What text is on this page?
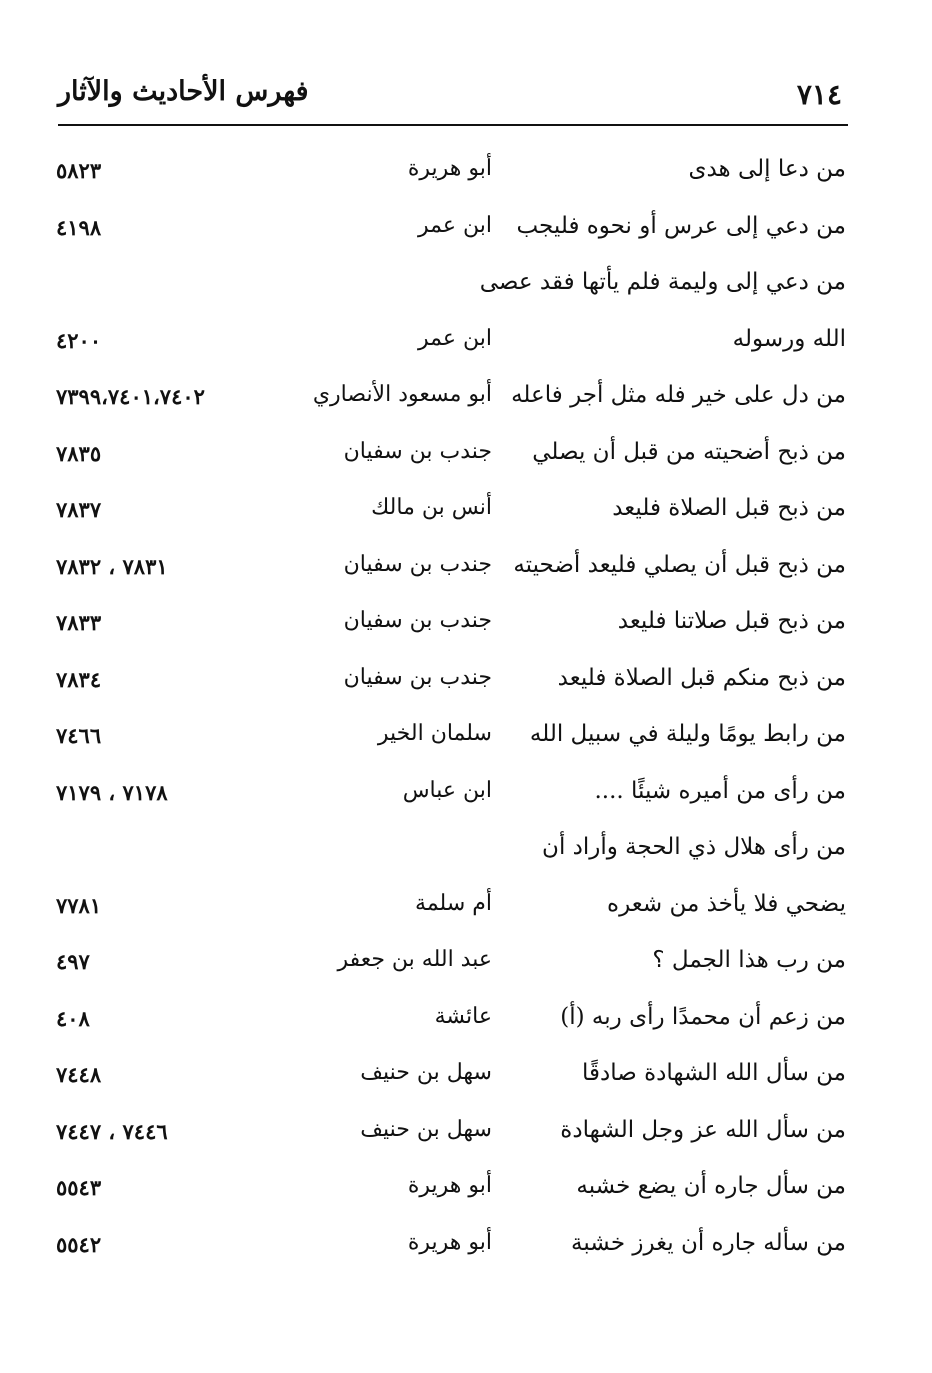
٧١٤
فهرس الأحاديث والآثار
من دعا إلى هدى
أبو هريرة
٥٨٢٣
من دعي إلى عرس أو نحوه فليجب
ابن عمر
٤١٩٨
من دعي إلى وليمة فلم يأتها فقد عصى
الله ورسوله
ابن عمر
٤٢٠٠
من دل على خير فله مثل أجر فاعله
أبو مسعود الأنصاري
٧٣٩٩،٧٤٠١،٧٤٠٢
من ذبح أضحيته من قبل أن يصلي
جندب بن سفيان
٧٨٣٥
من ذبح قبل الصلاة فليعد
أنس بن مالك
٧٨٣٧
من ذبح قبل أن يصلي فليعد أضحيته
جندب بن سفيان
٧٨٣١ ، ٧٨٣٢
من ذبح قبل صلاتنا فليعد
جندب بن سفيان
٧٨٣٣
من ذبح منكم قبل الصلاة فليعد
جندب بن سفيان
٧٨٣٤
من رابط يومًا وليلة في سبيل الله
سلمان الخير
٧٤٦٦
من رأى من أميره شيئًا ....
ابن عباس
٧١٧٨ ، ٧١٧٩
من رأى هلال ذي الحجة وأراد أن
يضحي فلا يأخذ من شعره
أم سلمة
٧٧٨١
من رب هذا الجمل ؟
عبد الله بن جعفر
٤٩٧
من زعم أن محمدًا رأى ربه (أ)
عائشة
٤٠٨
من سأل الله الشهادة صادقًا
سهل بن حنيف
٧٤٤٨
من سأل الله عز وجل الشهادة
سهل بن حنيف
٧٤٤٦ ، ٧٤٤٧
من سأل جاره أن يضع خشبه
أبو هريرة
٥٥٤٣
من سأله جاره أن يغرز خشبة
أبو هريرة
٥٥٤٢
